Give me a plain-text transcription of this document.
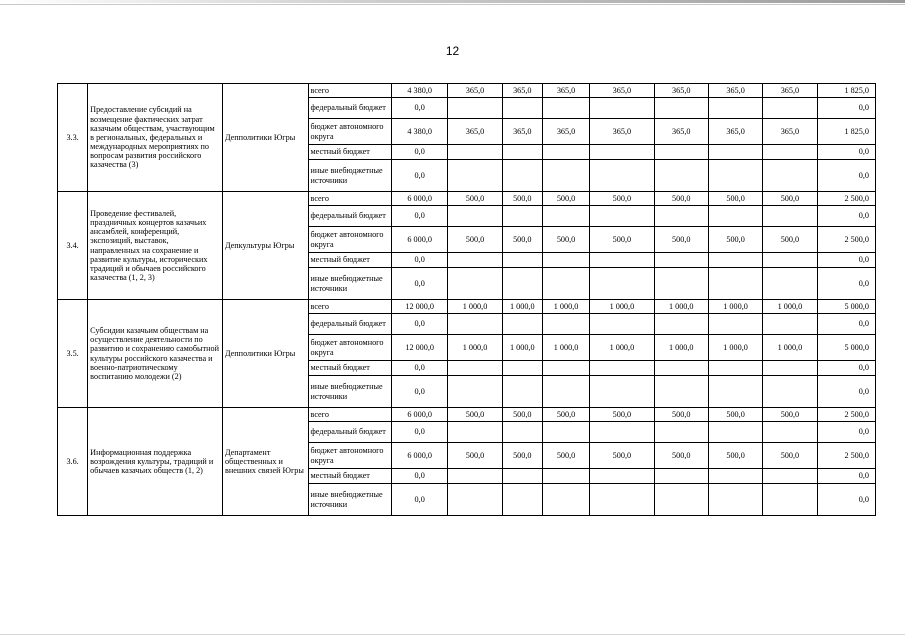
12
3.3.	Предоставление субсидий на возмещение фактических затрат казачьим обществам, участвующим в региональных, федеральных и международных мероприятиях по вопросам развития российского казачества (3)	Депполитики Югры	всего	4 380,0	365,0	365,0	365,0	365,0	365,0	365,0	365,0	1 825,0
			федеральный бюджет	0,0								0,0
			бюджет автономного округа	4 380,0	365,0	365,0	365,0	365,0	365,0	365,0	365,0	1 825,0
			местный бюджет	0,0								0,0
			иные внебюджетные источники	0,0								0,0
3.4.	Проведение фестивалей, праздничных концертов казачьих ансамблей, конференций, экспозиций, выставок, направленных на сохранение и развитие культуры, исторических традиций и обычаев российского казачества (1, 2, 3)	Депкультуры Югры	всего	6 000,0	500,0	500,0	500,0	500,0	500,0	500,0	500,0	2 500,0
			федеральный бюджет	0,0								0,0
			бюджет автономного округа	6 000,0	500,0	500,0	500,0	500,0	500,0	500,0	500,0	2 500,0
			местный бюджет	0,0								0,0
			иные внебюджетные источники	0,0								0,0
3.5.	Субсидии казачьим обществам на осуществление деятельности по развитию и сохранению самобытной культуры российского казачества и военно-патриотическому воспитанию молодежи (2)	Депполитики Югры	всего	12 000,0	1 000,0	1 000,0	1 000,0	1 000,0	1 000,0	1 000,0	1 000,0	5 000,0
			федеральный бюджет	0,0								0,0
			бюджет автономного округа	12 000,0	1 000,0	1 000,0	1 000,0	1 000,0	1 000,0	1 000,0	1 000,0	5 000,0
			местный бюджет	0,0								0,0
			иные внебюджетные источники	0,0								0,0
3.6.	Информационная поддержка возрождения культуры, традиций и обычаев казачьих обществ (1, 2)	Департамент общественных и внешних связей Югры	всего	6 000,0	500,0	500,0	500,0	500,0	500,0	500,0	500,0	2 500,0
			федеральный бюджет	0,0								0,0
			бюджет автономного округа	6 000,0	500,0	500,0	500,0	500,0	500,0	500,0	500,0	2 500,0
			местный бюджет	0,0								0,0
			иные внебюджетные источники	0,0								0,0
